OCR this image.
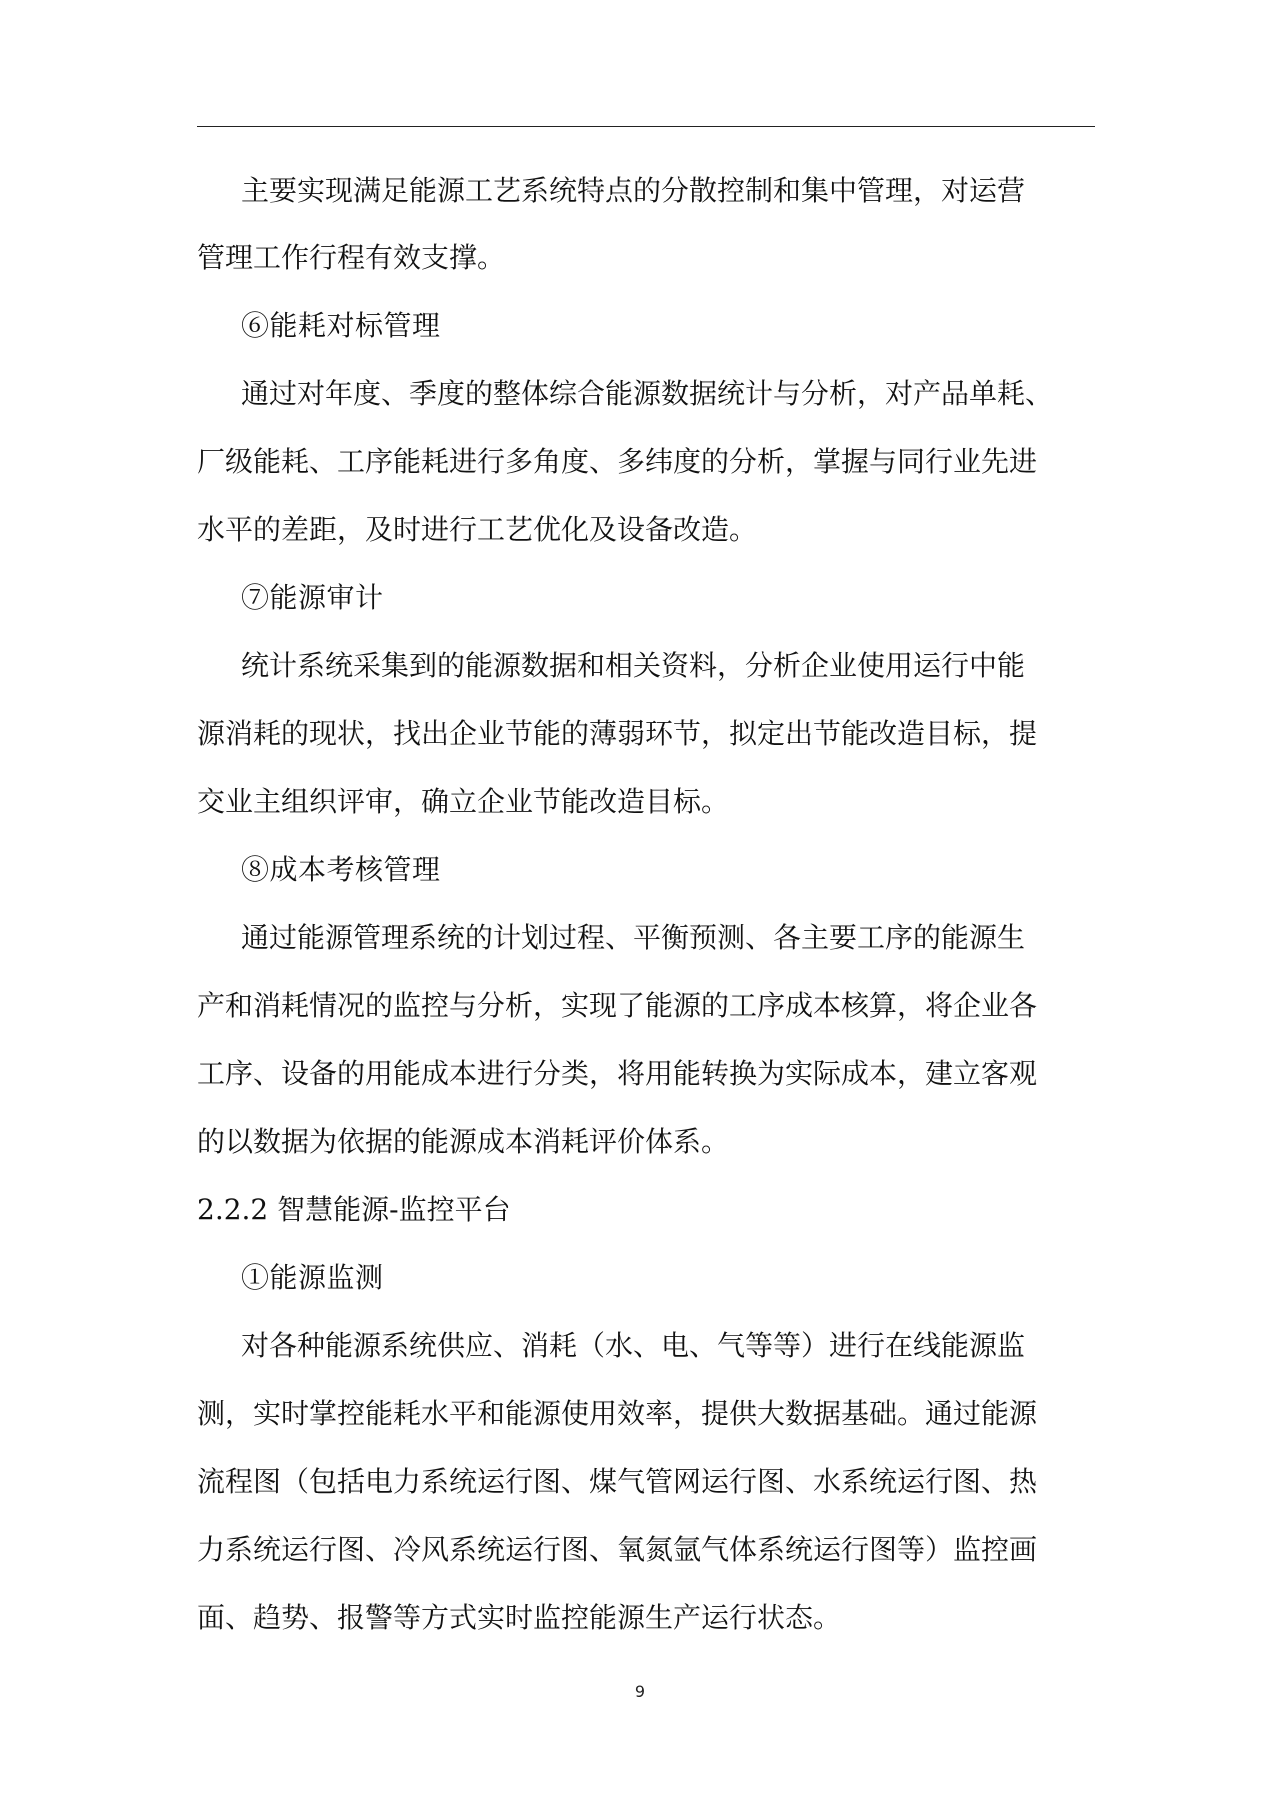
主要实现满足能源工艺系统特点的分散控制和集中管理，对运营
管理工作行程有效支撑。
⑥能耗对标管理
通过对年度、季度的整体综合能源数据统计与分析，对产品单耗、
厂级能耗、工序能耗进行多角度、多纬度的分析，掌握与同行业先进
水平的差距，及时进行工艺优化及设备改造。
⑦能源审计
统计系统采集到的能源数据和相关资料，分析企业使用运行中能
源消耗的现状，找出企业节能的薄弱环节，拟定出节能改造目标，提
交业主组织评审，确立企业节能改造目标。
⑧成本考核管理
通过能源管理系统的计划过程、平衡预测、各主要工序的能源生
产和消耗情况的监控与分析，实现了能源的工序成本核算，将企业各
工序、设备的用能成本进行分类，将用能转换为实际成本，建立客观
的以数据为依据的能源成本消耗评价体系。
2.2.2 智慧能源-监控平台
①能源监测
对各种能源系统供应、消耗（水、电、气等等）进行在线能源监
测，实时掌控能耗水平和能源使用效率，提供大数据基础。通过能源
流程图（包括电力系统运行图、煤气管网运行图、水系统运行图、热
力系统运行图、冷风系统运行图、氧氮氩气体系统运行图等）监控画
面、趋势、报警等方式实时监控能源生产运行状态。
9
